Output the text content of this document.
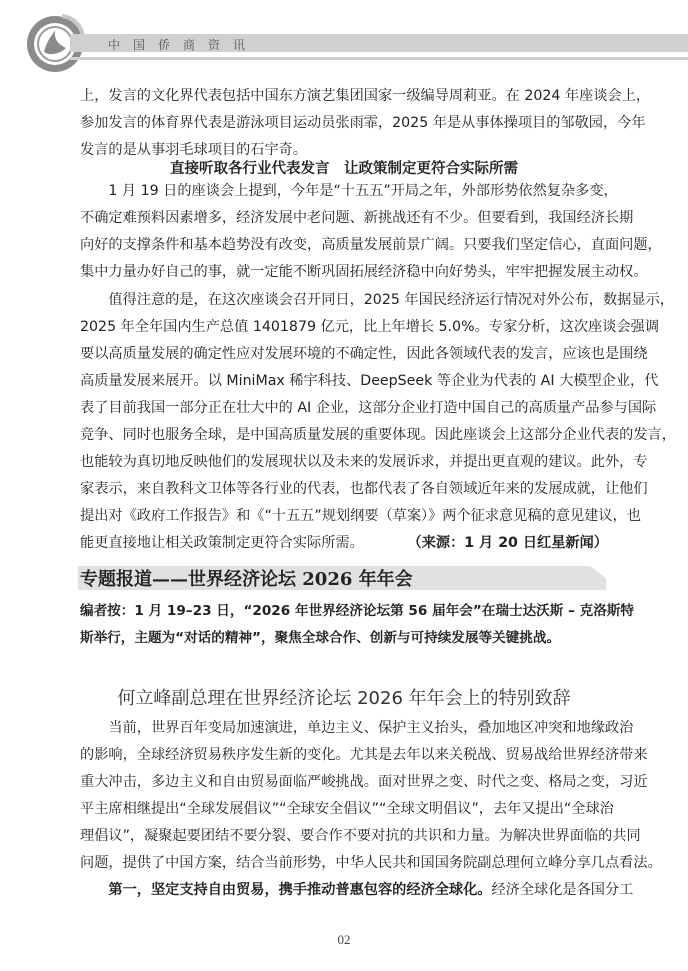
中国侨商资讯
上，发言的文化界代表包括中国东方演艺集团国家一级编导周莉亚。在 2024 年座谈会上，
参加发言的体育界代表是游泳项目运动员张雨霏，2025 年是从事体操项目的邹敬园，今年
发言的是从事羽毛球项目的石宇奇。
直接听取各行业代表发言　让政策制定更符合实际所需
1 月 19 日的座谈会上提到，今年是“十五五”开局之年，外部形势依然复杂多变，
不确定难预料因素增多，经济发展中老问题、新挑战还有不少。但要看到，我国经济长期
向好的支撑条件和基本趋势没有改变，高质量发展前景广阔。只要我们坚定信心，直面问题，
集中力量办好自己的事，就一定能不断巩固拓展经济稳中向好势头，牢牢把握发展主动权。
值得注意的是，在这次座谈会召开同日，2025 年国民经济运行情况对外公布，数据显示，
2025 年全年国内生产总值 1401879 亿元，比上年增长 5.0%。专家分析，这次座谈会强调
要以高质量发展的确定性应对发展环境的不确定性，因此各领域代表的发言，应该也是围绕
高质量发展来展开。以 MiniMax 稀宇科技、DeepSeek 等企业为代表的 AI 大模型企业，代
表了目前我国一部分正在壮大中的 AI 企业，这部分企业打造中国自己的高质量产品参与国际
竞争、同时也服务全球，是中国高质量发展的重要体现。因此座谈会上这部分企业代表的发言，
也能较为真切地反映他们的发展现状以及未来的发展诉求，并提出更直观的建议。此外，专
家表示，来自教科文卫体等各行业的代表，也都代表了各自领域近年来的发展成就，让他们
提出对《政府工作报告》和《“十五五”规划纲要（草案）》两个征求意见稿的意见建议，也
能更直接地让相关政策制定更符合实际所需。	（来源：1 月 20 日红星新闻）
专题报道——世界经济论坛 2026 年年会
编者按：1 月 19–23 日，“2026 年世界经济论坛第 56 届年会”在瑞士达沃斯 – 克洛斯特
斯举行，主题为“对话的精神”，聚焦全球合作、创新与可持续发展等关键挑战。
何立峰副总理在世界经济论坛 2026 年年会上的特别致辞
当前，世界百年变局加速演进，单边主义、保护主义抬头，叠加地区冲突和地缘政治
的影响，全球经济贸易秩序发生新的变化。尤其是去年以来关税战、贸易战给世界经济带来
重大冲击，多边主义和自由贸易面临严峻挑战。面对世界之变、时代之变、格局之变，习近
平主席相继提出“全球发展倡议”“全球安全倡议”“全球文明倡议”，去年又提出“全球治
理倡议”，凝聚起要团结不要分裂、要合作不要对抗的共识和力量。为解决世界面临的共同
问题，提供了中国方案，结合当前形势，中华人民共和国国务院副总理何立峰分享几点看法。
第一，坚定支持自由贸易，携手推动普惠包容的经济全球化。经济全球化是各国分工
02
